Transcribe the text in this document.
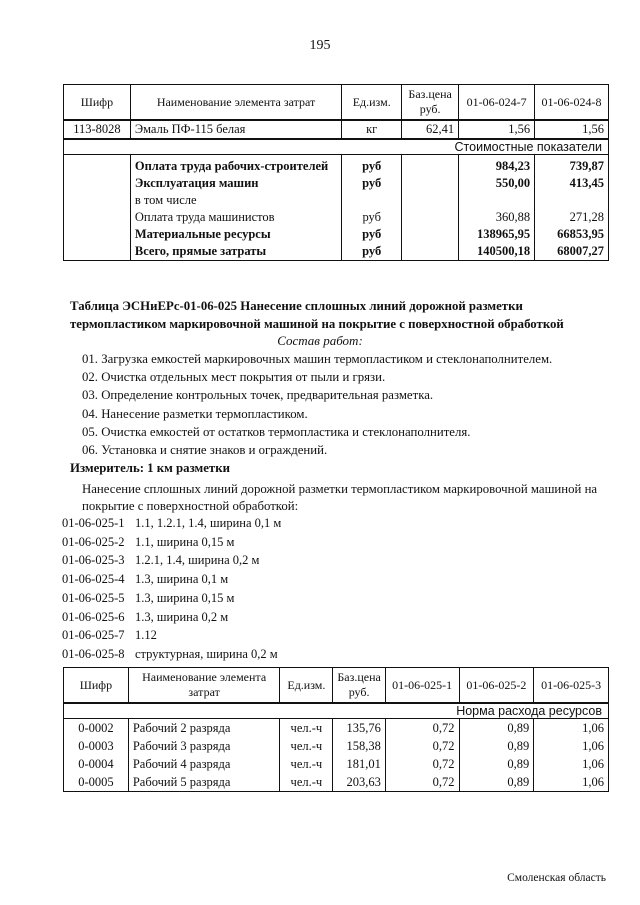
195
Шифр	Наименование элемента затрат	Ед.изм.	Баз.цена руб.	01-06-024-7	01-06-024-8
113-8028	Эмаль ПФ-115 белая	кг	62,41	1,56	1,56
Стоимостные показатели					
	Оплата труда рабочих-строителей	руб		984,23	739,87
	Эксплуатация машин	руб		550,00	413,45
	в том числе				
	Оплата труда машинистов	руб		360,88	271,28
	Материальные ресурсы	руб		138965,95	66853,95
	Всего, прямые затраты	руб		140500,18	68007,27
Таблица ЭСНиЕРс-01-06-025 Нанесение сплошных линий дорожной разметки термопластиком маркировочной машиной на покрытие с поверхностной обработкой
Состав работ:
01. Загрузка емкостей маркировочных машин термопластиком и стеклонаполнителем.
02. Очистка отдельных мест покрытия от пыли и грязи.
03. Определение контрольных точек, предварительная разметка.
04. Нанесение разметки термопластиком.
05. Очистка емкостей от остатков термопластика и стеклонаполнителя.
06. Установка и снятие знаков и ограждений.
Измеритель: 1 км разметки
Нанесение сплошных линий дорожной разметки термопластиком маркировочной машиной на покрытие с поверхностной обработкой:
01-06-025-1 1.1, 1.2.1, 1.4, ширина 0,1 м
01-06-025-2 1.1, ширина 0,15 м
01-06-025-3 1.2.1, 1.4, ширина 0,2 м
01-06-025-4 1.3, ширина 0,1 м
01-06-025-5 1.3, ширина 0,15 м
01-06-025-6 1.3, ширина 0,2 м
01-06-025-7 1.12
01-06-025-8 структурная, ширина 0,2 м
Шифр	Наименование элемента затрат	Ед.изм.	Баз.цена руб.	01-06-025-1	01-06-025-2	01-06-025-3
Норма расхода ресурсов						
0-0002	Рабочий 2 разряда	чел.-ч	135,76	0,72	0,89	1,06
0-0003	Рабочий 3 разряда	чел.-ч	158,38	0,72	0,89	1,06
0-0004	Рабочий 4 разряда	чел.-ч	181,01	0,72	0,89	1,06
0-0005	Рабочий 5 разряда	чел.-ч	203,63	0,72	0,89	1,06
Смоленская область
